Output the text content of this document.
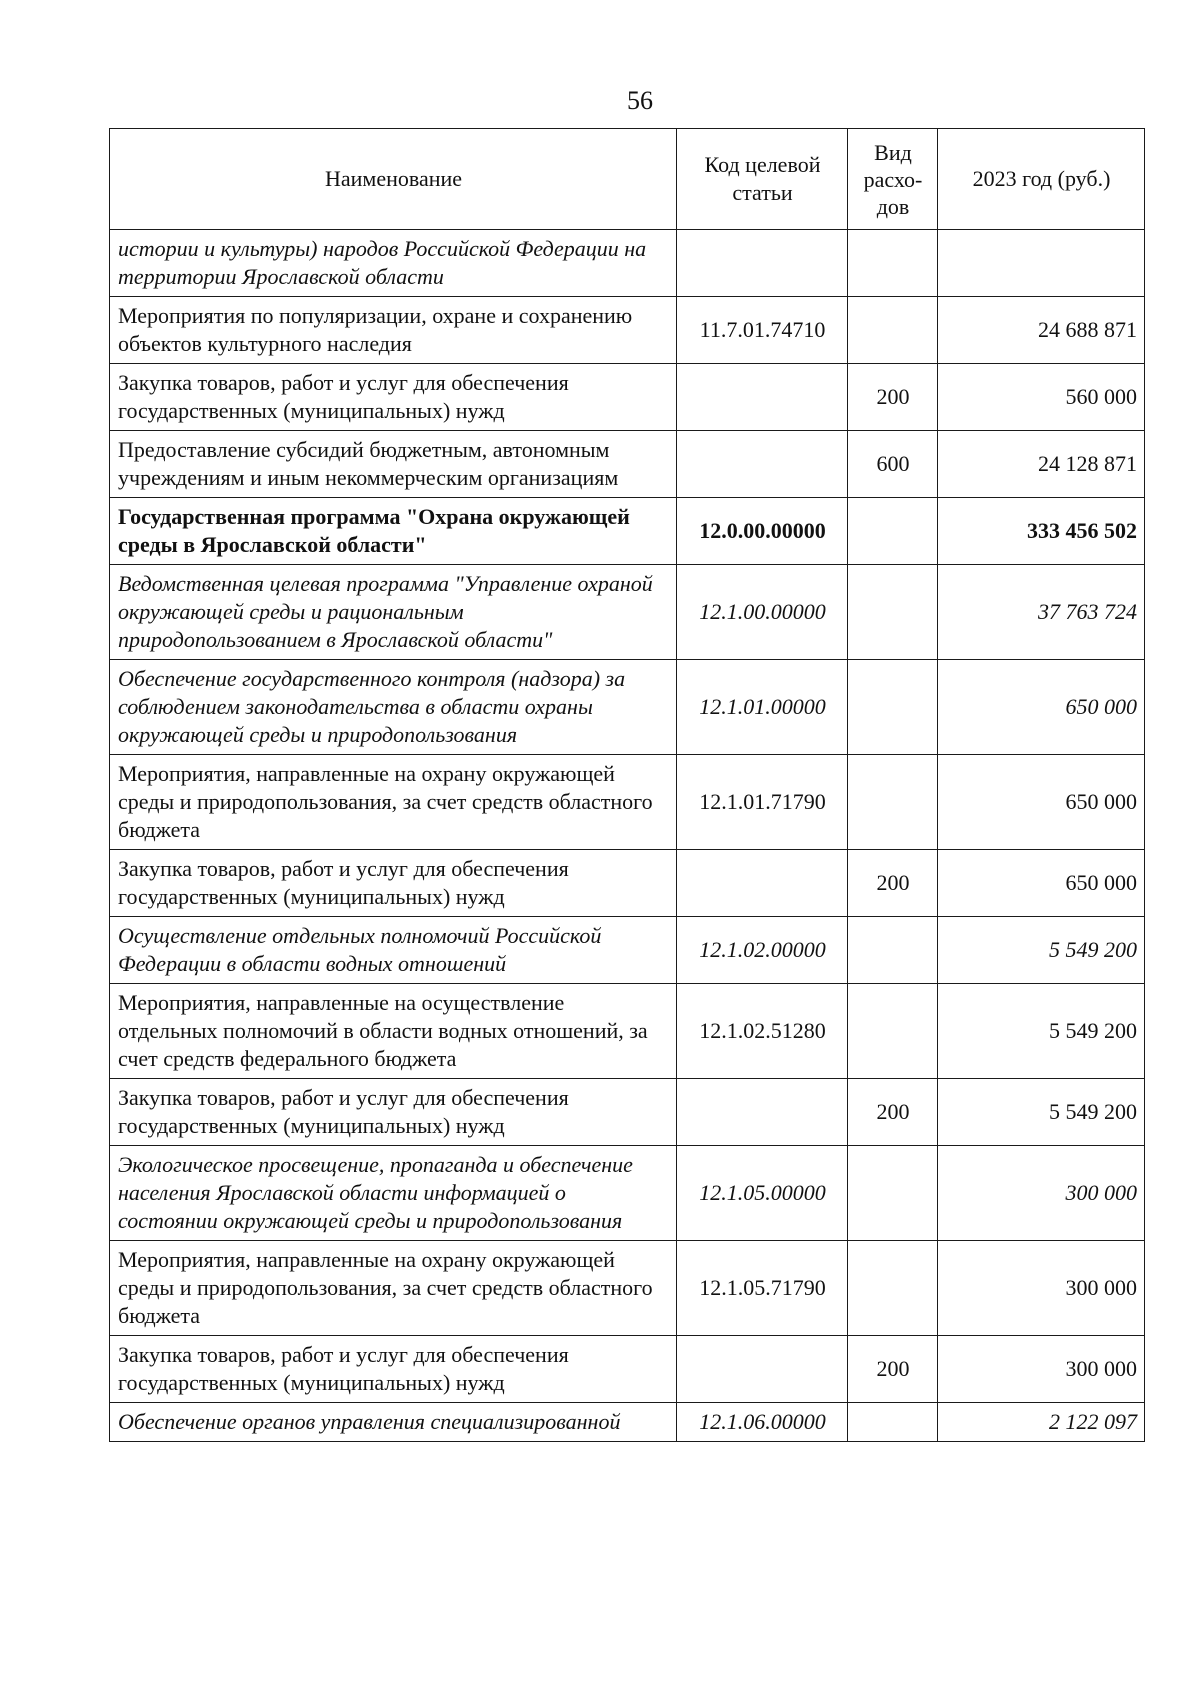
56
Наименование	Код целевой статьи	Вид расхо-дов	2023 год (руб.)
истории и культуры) народов Российской Федерации на территории Ярославской области			
Мероприятия по популяризации, охране и сохранению объектов культурного наследия	11.7.01.74710		24 688 871
Закупка товаров, работ и услуг для обеспечения государственных (муниципальных) нужд		200	560 000
Предоставление субсидий бюджетным, автономным учреждениям и иным некоммерческим организациям		600	24 128 871
Государственная программа "Охрана окружающей среды в Ярославской области"	12.0.00.00000		333 456 502
Ведомственная целевая программа "Управление охраной окружающей среды и рациональным природопользованием в Ярославской области"	12.1.00.00000		37 763 724
Обеспечение государственного контроля (надзора) за соблюдением законодательства в области охраны окружающей среды и природопользования	12.1.01.00000		650 000
Мероприятия, направленные на охрану окружающей среды и природопользования, за счет средств областного бюджета	12.1.01.71790		650 000
Закупка товаров, работ и услуг для обеспечения государственных (муниципальных) нужд		200	650 000
Осуществление отдельных полномочий Российской Федерации в области водных отношений	12.1.02.00000		5 549 200
Мероприятия, направленные на осуществление отдельных полномочий в области водных отношений, за счет средств федерального бюджета	12.1.02.51280		5 549 200
Закупка товаров, работ и услуг для обеспечения государственных (муниципальных) нужд		200	5 549 200
Экологическое просвещение, пропаганда и обеспечение населения Ярославской области информацией о состоянии окружающей среды и природопользования	12.1.05.00000		300 000
Мероприятия, направленные на охрану окружающей среды и природопользования, за счет средств областного бюджета	12.1.05.71790		300 000
Закупка товаров, работ и услуг для обеспечения государственных (муниципальных) нужд		200	300 000
Обеспечение органов управления специализированной	12.1.06.00000		2 122 097
